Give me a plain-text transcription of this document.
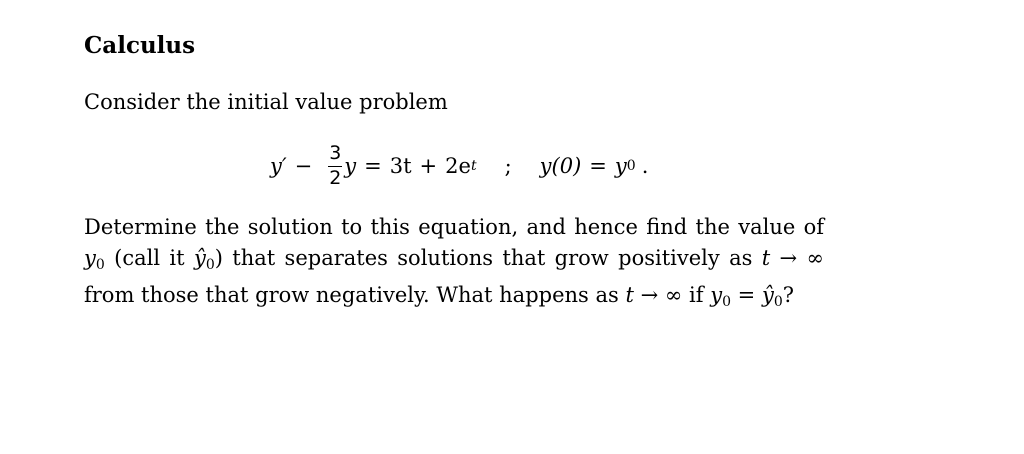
Calculus
Consider the initial value problem
$y' - \frac{3}{2}$ y = 3t + 2e t ; y(0) = y 0 .
Determine the solution to this equation, and hence find the value of
$y_0$ (call it $ŷ_0$) that separates solutions that grow positively as t → ∞
from those that grow negatively. What happens as t → ∞ if $y_0$ = $ŷ_0$?
